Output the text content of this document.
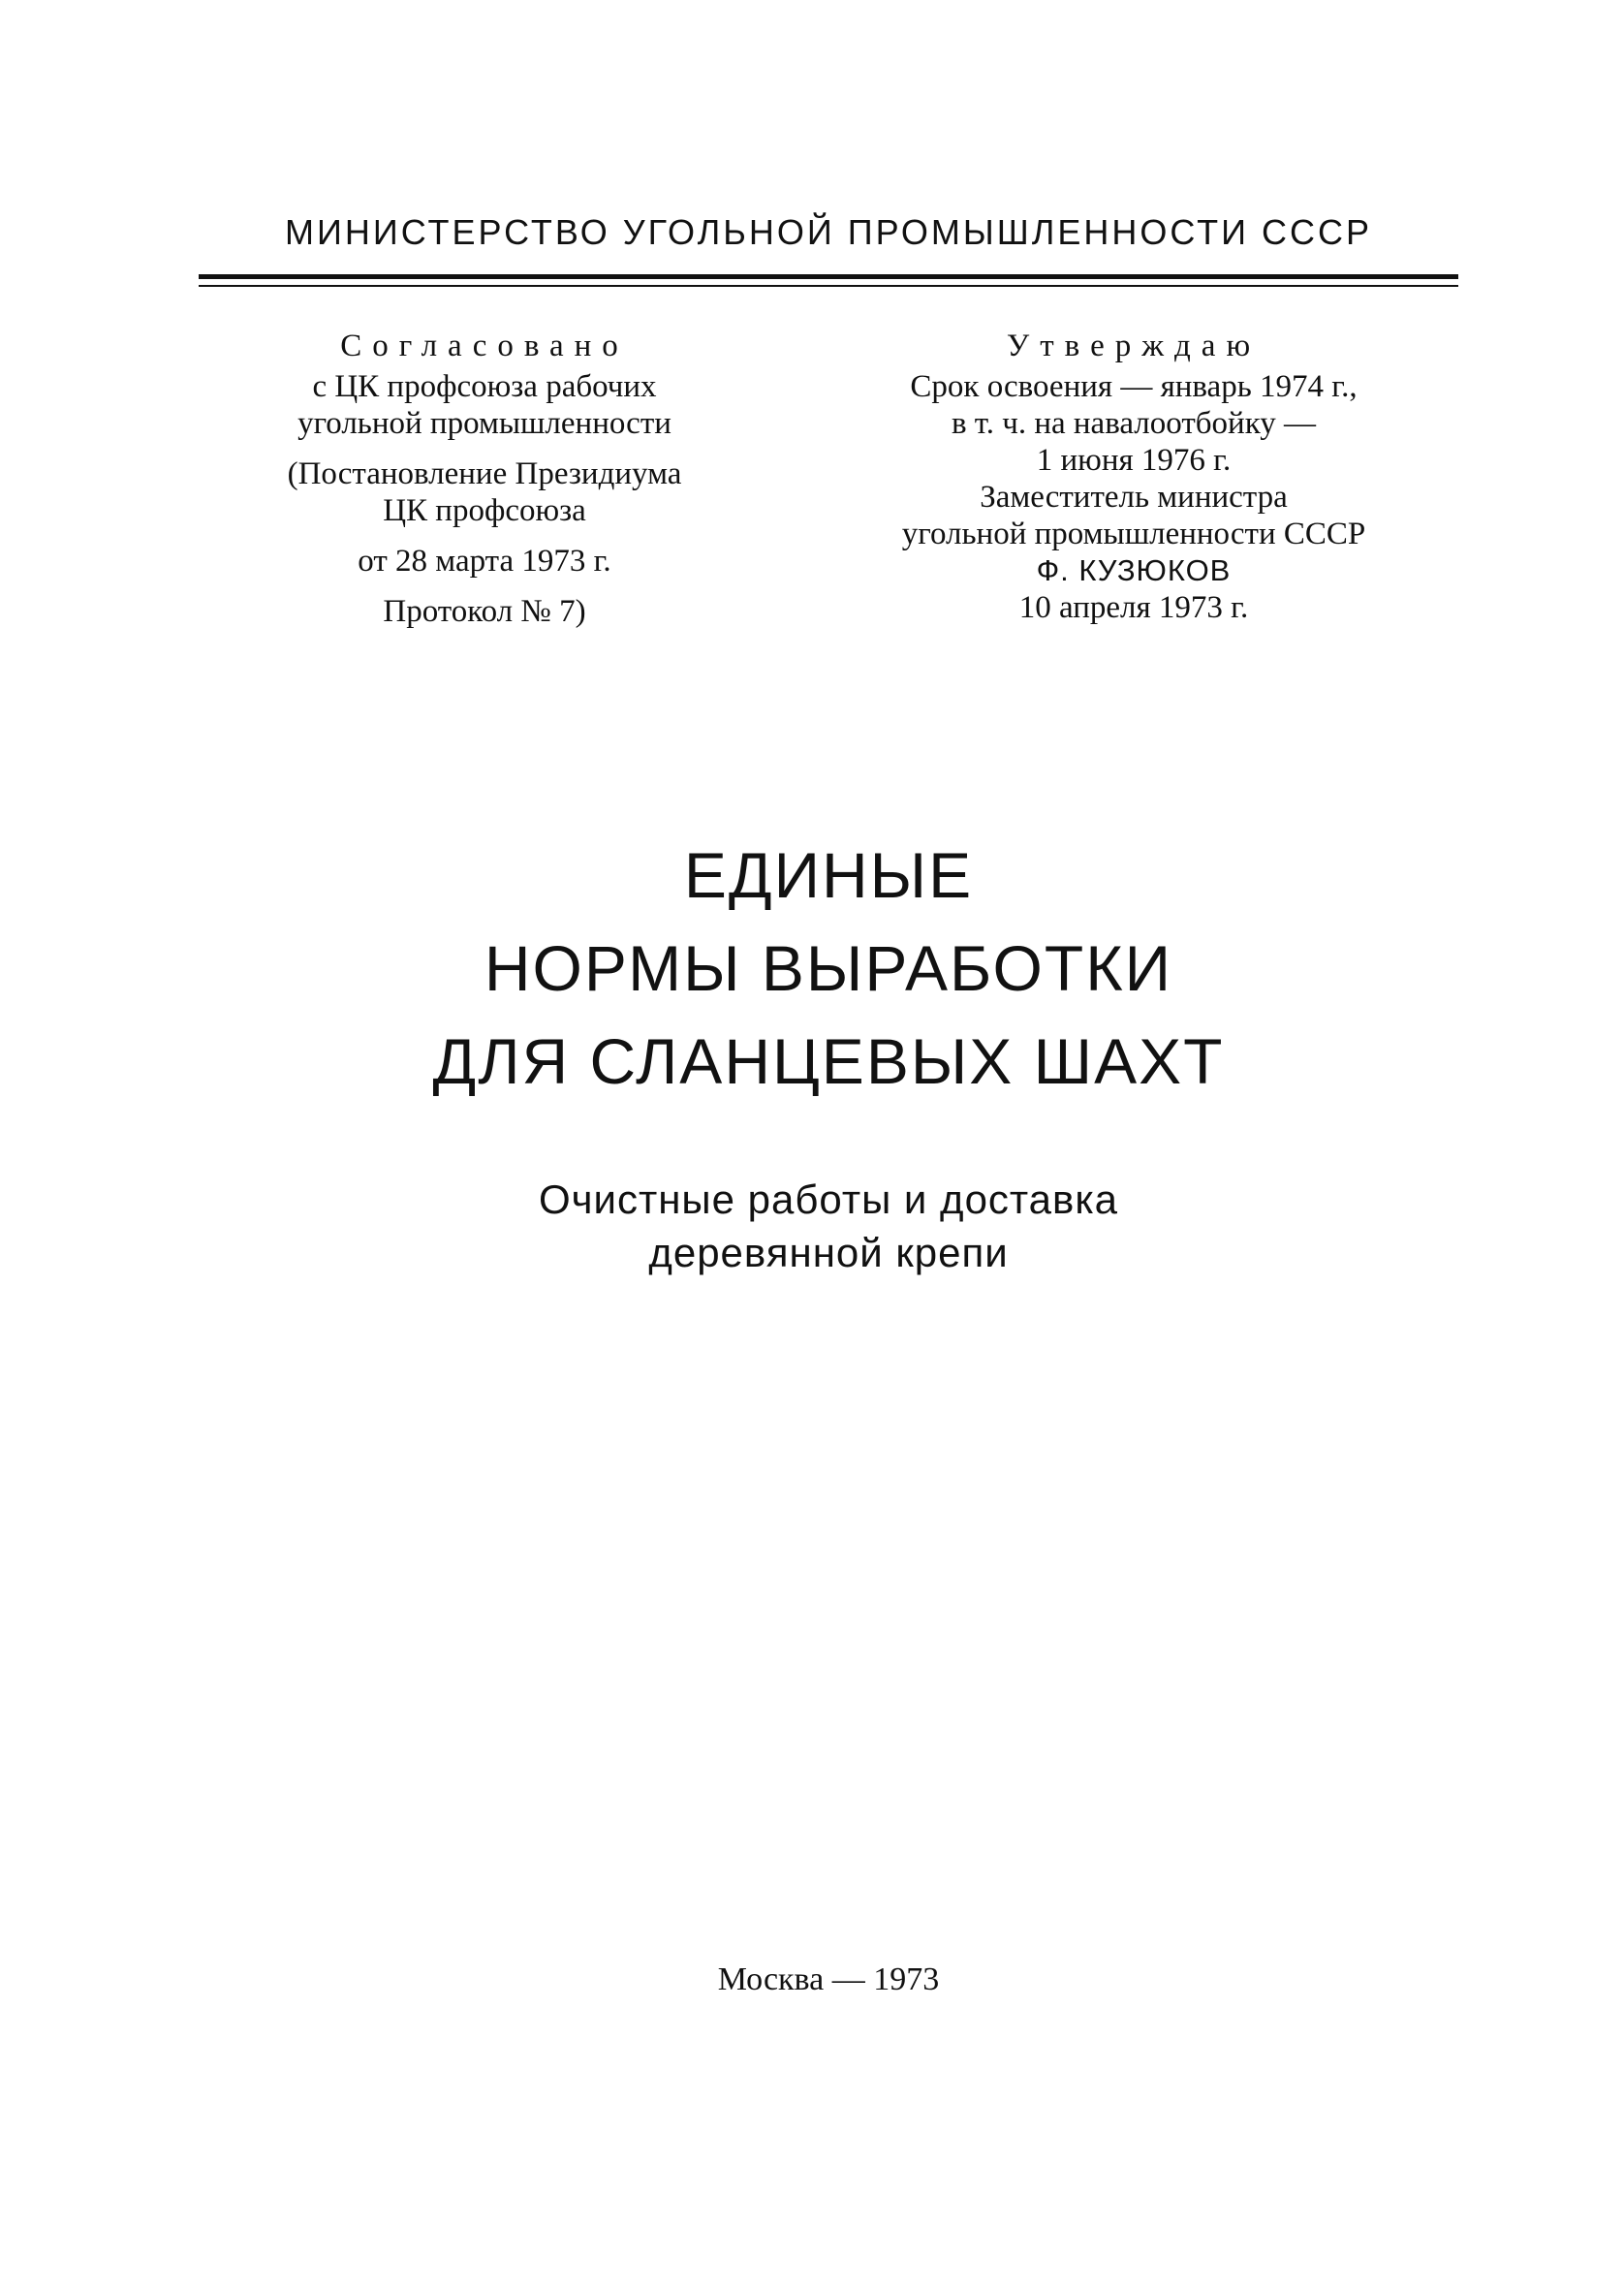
МИНИСТЕРСТВО УГОЛЬНОЙ ПРОМЫШЛЕННОСТИ СССР
Согласовано
с ЦК профсоюза рабочих
угольной промышленности
(Постановление Президиума
ЦК профсоюза
от 28 марта 1973 г.
Протокол № 7)
Утверждаю
Срок освоения — январь 1974 г.,
в т. ч. на навалоотбойку —
1 июня 1976 г.
Заместитель министра
угольной промышленности СССР
Ф. КУЗЮКОВ
10 апреля 1973 г.
ЕДИНЫЕ
НОРМЫ ВЫРАБОТКИ
ДЛЯ СЛАНЦЕВЫХ ШАХТ
Очистные работы и доставка
деревянной крепи
Москва — 1973
